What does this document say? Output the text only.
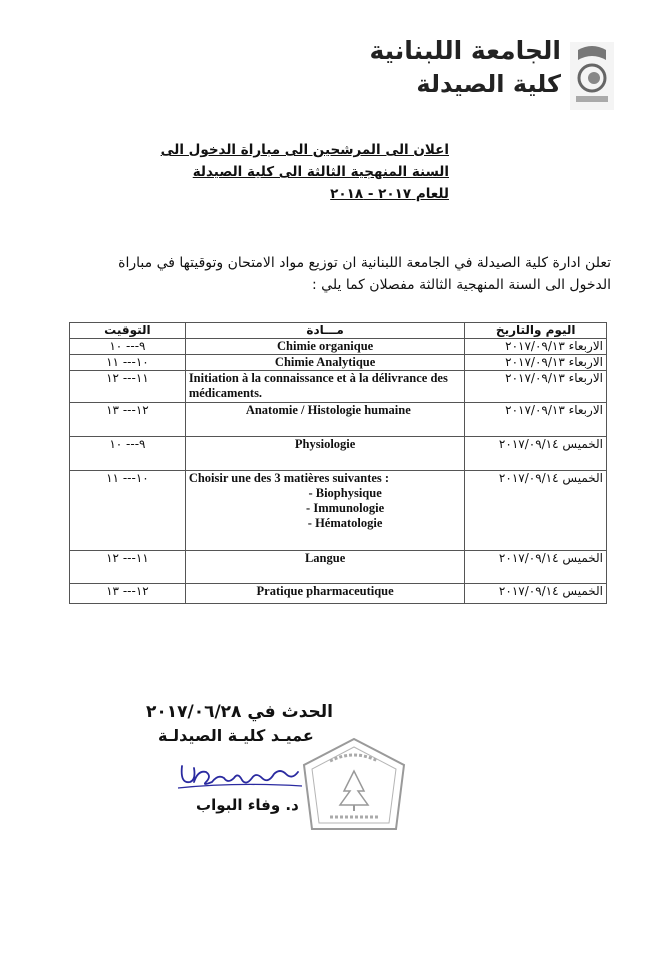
الجامعة اللبنانية
كلية الصيدلة
اعلان الى المرشحين الى مباراة الدخول الى
السنة المنهجية الثالثة الى كلية الصيدلة
للعام ٢٠١٧ - ٢٠١٨
تعلن ادارة كلية الصيدلة في الجامعة اللبنانية ان توزيع مواد الامتحان وتوقيتها في مباراة
الدخول الى السنة المنهجية الثالثة مفصلان كما يلي :
التوقيت	مـــادة	اليوم والتاريخ
٩--- ١٠	Chimie organique	الاربعاء ٢٠١٧/٠٩/١٣
١٠--- ١١	Chimie Analytique	الاربعاء ٢٠١٧/٠٩/١٣
١١--- ١٢	Initiation à la connaissance et à la délivrance des médicaments.	الاربعاء ٢٠١٧/٠٩/١٣
١٢--- ١٣	Anatomie / Histologie humaine	الاربعاء ٢٠١٧/٠٩/١٣
٩--- ١٠	Physiologie	الخميس ٢٠١٧/٠٩/١٤
١٠--- ١١	Choisir une des 3 matières suivantes :
- Biophysique
- Immunologie
- Hématologie	الخميس ٢٠١٧/٠٩/١٤
١١--- ١٢	Langue	الخميس ٢٠١٧/٠٩/١٤
١٢--- ١٣	Pratique pharmaceutique	الخميس ٢٠١٧/٠٩/١٤
الحدث في ٢٠١٧/٠٦/٢٨
عميـد كليـة الصيدلـة
د. وفاء البواب
